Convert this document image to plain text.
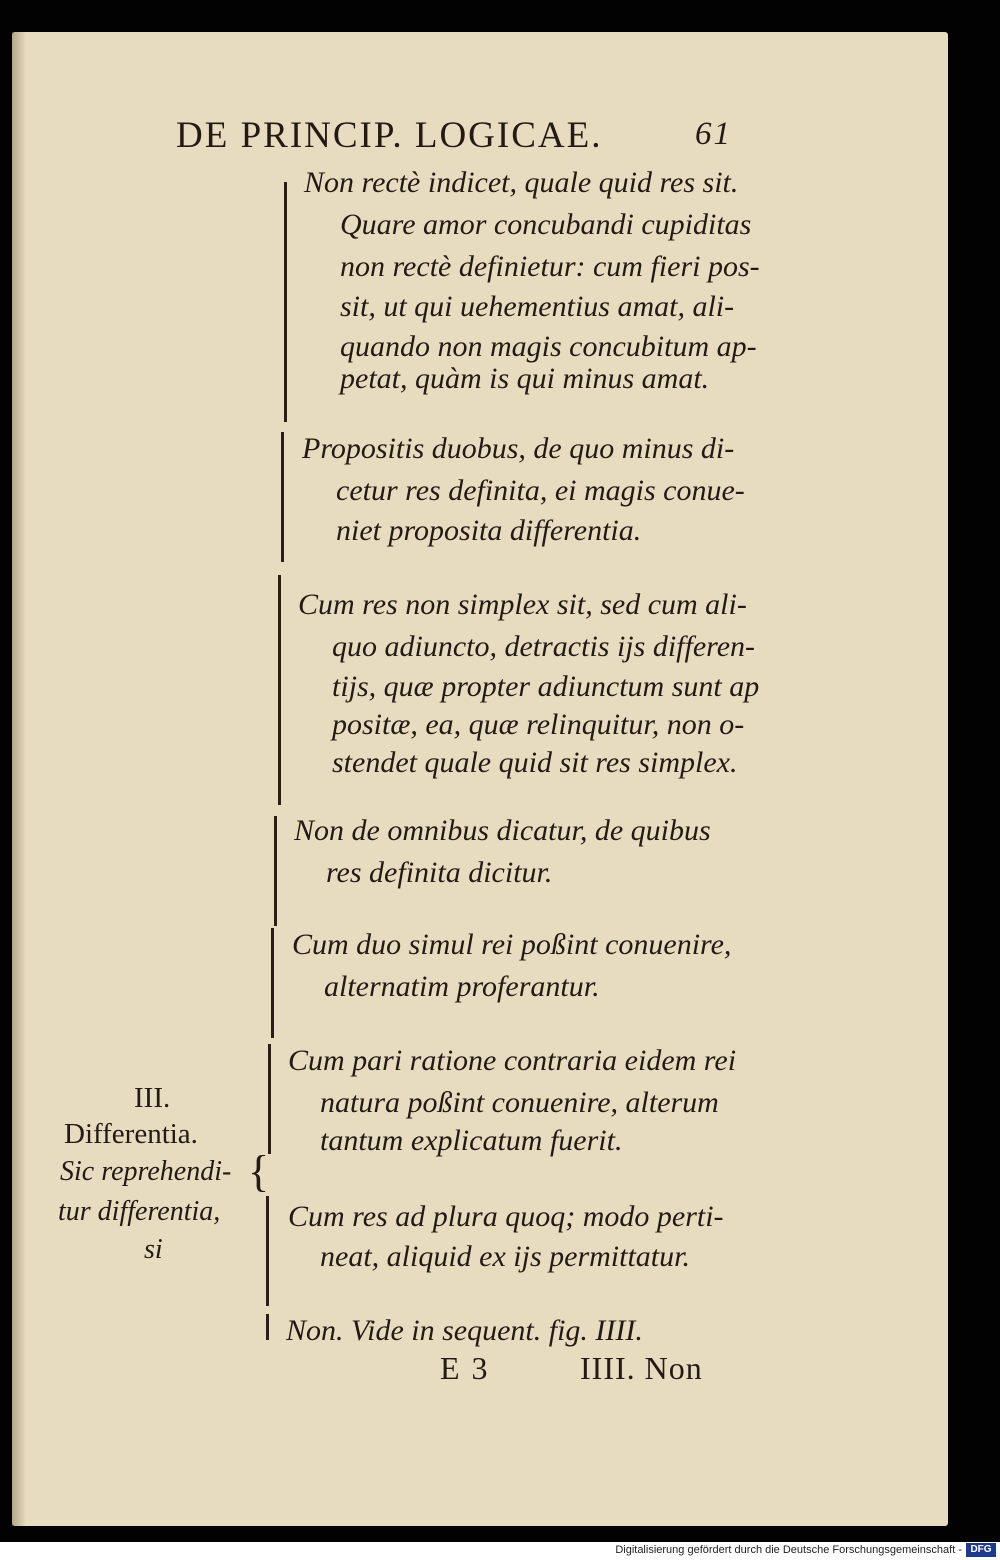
DE PRINCIP. LOGICAE.	61
{
Non rectè indicet, quale quid res sit.
Quare amor concubandi cupiditas
non rectè definietur: cum fieri pos-
sit, ut qui uehementius amat, ali-
quando non magis concubitum ap-
petat, quàm is qui minus amat.
Propositis duobus, de quo minus di-
cetur res definita, ei magis conue-
niet proposita differentia.
Cum res non simplex sit, sed cum ali-
quo adiuncto, detractis ijs differen-
tijs, quæ propter adiunctum sunt ap
positæ, ea, quæ relinquitur, non o-
stendet quale quid sit res simplex.
Non de omnibus dicatur, de quibus
res definita dicitur.
Cum duo simul rei poßint conuenire,
alternatim proferantur.
Cum pari ratione contraria eidem rei
natura poßint conuenire, alterum
tantum explicatum fuerit.
Cum res ad plura quoq; modo perti-
neat, aliquid ex ijs permittatur.
Non. Vide in sequent. fig. IIII.
III.
Differentia.
Sic reprehendi-
tur differentia,
si
E 3	IIII. Non
Digitalisierung gefördert durch die Deutsche Forschungsgemeinschaft - DFG
